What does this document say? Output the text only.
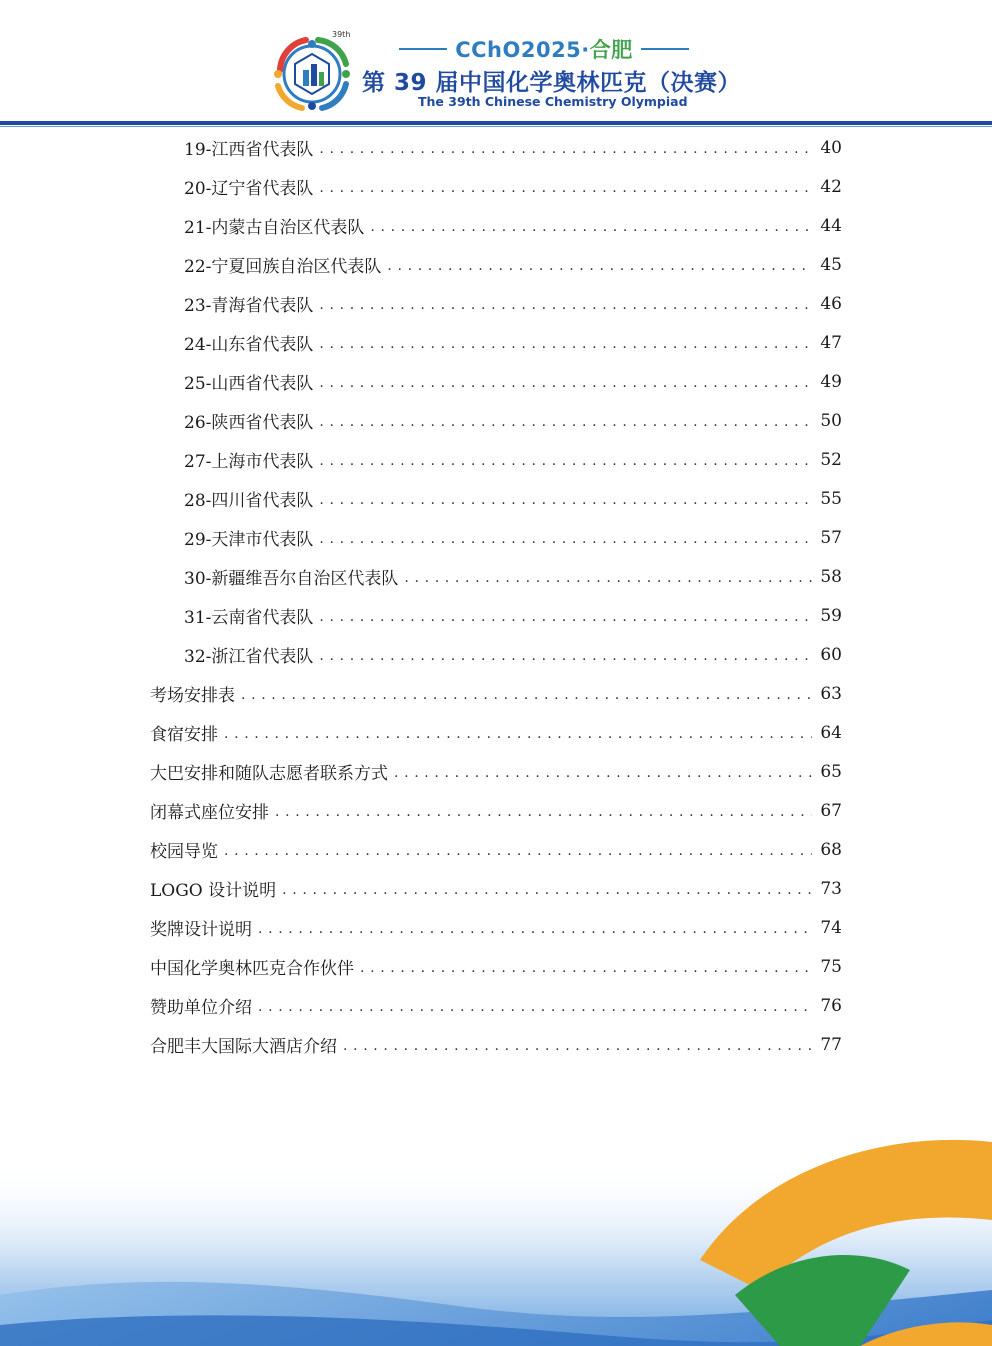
39th
CChO2025·合肥
第 39 届中国化学奥林匹克（决赛）
The 39th Chinese Chemistry Olympiad
19-江西省代表队 . . .	40
20-辽宁省代表队 . . .	42
21-内蒙古自治区代表队 . . .	44
22-宁夏回族自治区代表队 . . .	45
23-青海省代表队 . . .	46
24-山东省代表队 . . .	47
25-山西省代表队 . . .	49
26-陕西省代表队 . . .	50
27-上海市代表队 . . .	52
28-四川省代表队 . . .	55
29-天津市代表队 . . .	57
30-新疆维吾尔自治区代表队 . . .	58
31-云南省代表队 . . .	59
32-浙江省代表队 . . .	60
考场安排表 . . .	63
食宿安排 . . .	64
大巴安排和随队志愿者联系方式 . . .	65
闭幕式座位安排 . . .	67
校园导览 . . .	68
LOGO 设计说明 . . .	73
奖牌设计说明 . . .	74
中国化学奥林匹克合作伙伴 . . .	75
赞助单位介绍 . . .	76
合肥丰大国际大酒店介绍 . . .	77
